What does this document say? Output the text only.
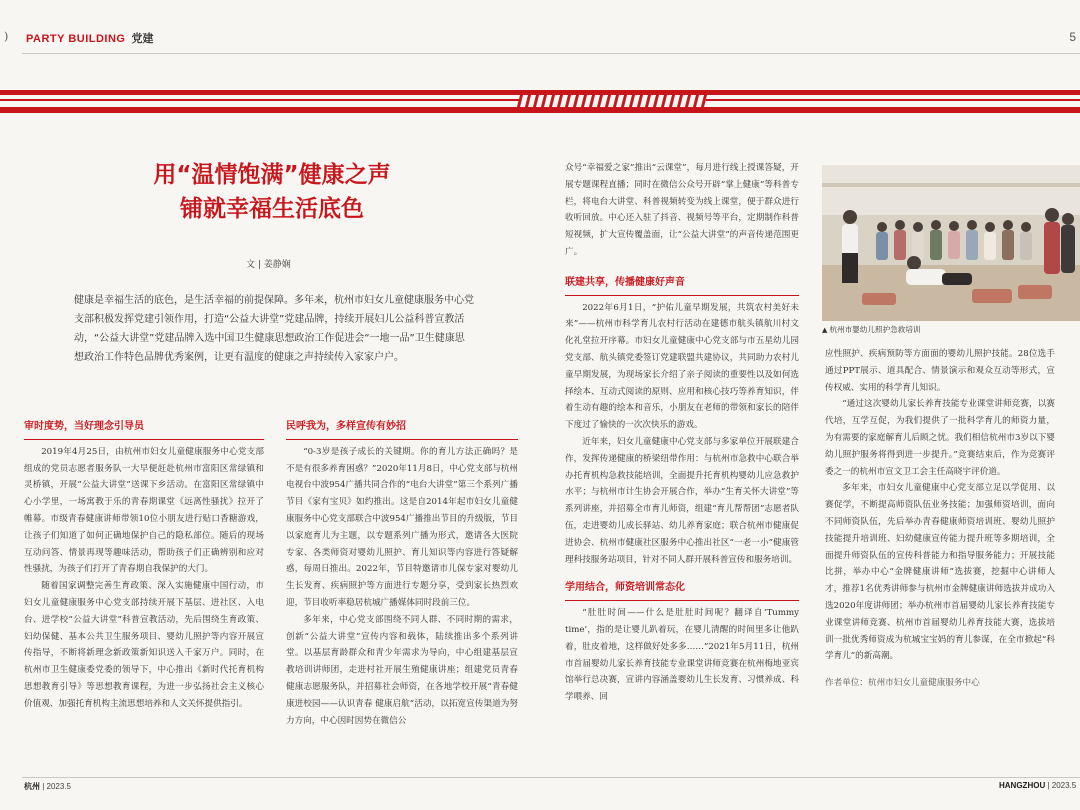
)	PARTY BUILDING 党建	5
用“温情饱满”健康之声
铺就幸福生活底色
文 | 姜静娴
健康是幸福生活的底色，是生活幸福的前提保障。多年来，杭州市妇女儿童健康服务中心党支部积极发挥党建引领作用，打造“公益大讲堂”党建品牌，持续开展妇儿公益科普宣教活动，“公益大讲堂”党建品牌入选中国卫生健康思想政治工作促进会“一地一品”卫生健康思想政治工作特色品牌优秀案例，让更有温度的健康之声持续传入家家户户。
审时度势，当好理念引导员

2019年4月25日，由杭州市妇女儿童健康服务中心党支部组成的党员志愿者服务队一大早便赶赴杭州市富阳区常绿镇和灵桥镇，开展“公益大讲堂”送课下乡活动。在富阳区常绿镇中心小学里，一场寓教于乐的青春期课堂《远离性骚扰》拉开了帷幕。市级青春健康讲师带领10位小朋友进行贴口香糖游戏，让孩子们知道了如何正确地保护自己的隐私部位。随后的现场互动问答、情景再现等趣味活动，帮助孩子们正确辨别和应对性骚扰，为孩子们打开了青春期自我保护的大门。

随着国家调整完善生育政策、深入实施健康中国行动，市妇女儿童健康服务中心党支部持续开展下基层、进社区、入电台、进学校“公益大讲堂”科普宣教活动，先后围绕生育政策、妇幼保健、基本公共卫生服务项目、婴幼儿照护等内容开展宣传指导，不断将新理念新政策新知识送入千家万户。同时，在杭州市卫生健康委党委的领导下，中心推出《新时代托育机构思想教育引导》等思想教育课程，为进一步弘扬社会主义核心价值观、加强托育机构主流思想培养和人文关怀提供指引。

民呼我为，多样宣传有妙招

“0-3岁是孩子成长的关键期。你的育儿方法正确吗？是不是有很多养育困惑？”2020年11月8日，中心党支部与杭州电视台中波954广播共同合作的“电台大讲堂”第三个系列广播节目《家有宝贝》如约推出。这是自2014年起市妇女儿童健康服务中心党支部联合中波954广播推出节目的升级版，节目以家庭育儿为主题，以专题系列广播为形式，邀请各大医院专家、各类师资对婴幼儿照护、育儿知识等内容进行答疑解惑，每周日推出。2022年，节目特邀请市儿保专家对婴幼儿生长发育、疾病照护等方面进行专题分享，受到家长热烈欢迎，节目收听率稳居杭城广播媒体同时段前三位。

多年来，中心党支部围绕不同人群、不同时期的需求，创新“公益大讲堂”宣传内容和载体，陆续推出多个系列讲堂。以基层育龄群众和青少年需求为导向，中心组建基层宣教培训讲师团，走进村社开展生殖健康讲座；组建党员青春健康志愿服务队，并招募社会师资，在各地学校开展“青春健康进校园——认识青春 健康启航”活动，以拓宽宣传渠道为努力方向，中心因时因势在微信公

众号“幸福爱之家”推出“云课堂”，每月进行线上授课答疑，开展专题课程直播；同时在微信公众号开辟“掌上健康”等科普专栏，将电台大讲堂、科普视频转变为线上课堂，便于群众进行收听回放。中心还入驻了抖音、视频号等平台，定期制作科普短视频，扩大宣传覆盖面，让“公益大讲堂”的声音传递范围更广。

联建共享，传播健康好声音

2022年6月1日，“护佑儿童早期发展，共筑农村美好未来”——杭州市科学育儿农村行活动在建德市航头镇航川村文化礼堂拉开序幕。市妇女儿童健康中心党支部与市五星幼儿园党支部、航头镇党委签订党建联盟共建协议，共同助力农村儿童早期发展，为现场家长介绍了亲子阅读的重要性以及如何选择绘本、互动式阅读的原则、应用和核心技巧等养育知识，伴着生动有趣的绘本和音乐，小朋友在老师的带领和家长的陪伴下度过了愉快的一次次快乐的游戏。

近年来，妇女儿童健康中心党支部与多家单位开展联建合作，发挥传递健康的桥梁纽带作用：与杭州市急救中心联合举办托育机构急救技能培训，全面提升托育机构婴幼儿应急救护水平；与杭州市计生协会开展合作，举办“生育关怀大讲堂”等系列讲座，并招募全市育儿师资，组建“育儿帮帮团”志愿者队伍，走进婴幼儿成长驿站、幼儿养育家庭；联合杭州市健康促进协会、杭州市健康社区服务中心推出社区“一老一小”健康管理科技服务站项目，针对不同人群开展科普宣传和服务培训。

学用结合，师资培训常态化

“肚肚时间——什么是肚肚时间呢？翻译自‘Tummy time’，指的是让婴儿趴着玩，在婴儿清醒的时间里多让他趴着，肚皮着地，这样做好处多多……”2021年5月11日，杭州市首届婴幼儿家长养育技能专业课堂讲师竞赛在杭州梅地亚宾馆举行总决赛，宣讲内容涵盖婴幼儿生长发育、习惯养成、科学喂养、回

▲ 杭州市婴幼儿照护急救培训

应性照护、疾病预防等方面面的婴幼儿照护技能。28位选手通过PPT展示、道具配合、情景演示和观众互动等形式，宣传权威、实用的科学育儿知识。

“通过这次婴幼儿家长养育技能专业课堂讲师竞赛，以赛代培，互学互促，为我们提供了一批科学育儿的师资力量，为有需要的家庭解育儿后顾之忧。我们相信杭州市3岁以下婴幼儿照护服务将得到进一步提升。”竞赛结束后，作为竞赛评委之一的杭州市宣文卫工会主任高晓宇评价道。

多年来，市妇女儿童健康中心党支部立足以学促用、以赛促学，不断提高师资队伍业务技能；加强师资培训，面向不同师资队伍，先后举办青春健康师资培训班、婴幼儿照护技能提升培训班、妇幼健康宣传能力提升班等多期培训，全面提升师资队伍的宣传科普能力和指导服务能力；开展技能比拼，举办中心“金牌健康讲师”选拔赛，挖掘中心讲师人才，推荐1名优秀讲师参与杭州市金牌健康讲师选拔并成功入选2020年度讲师团；举办杭州市首届婴幼儿家长养育技能专业课堂讲师竞赛、杭州市首届婴幼儿养育技能大赛，选拔培训一批优秀师资成为杭城宝宝妈的育儿参谋，在全市掀起“科学育儿”的新高潮。

作者单位：杭州市妇女儿童健康服务中心

杭州 | 2023.5	HANGZHOU | 2023.5
